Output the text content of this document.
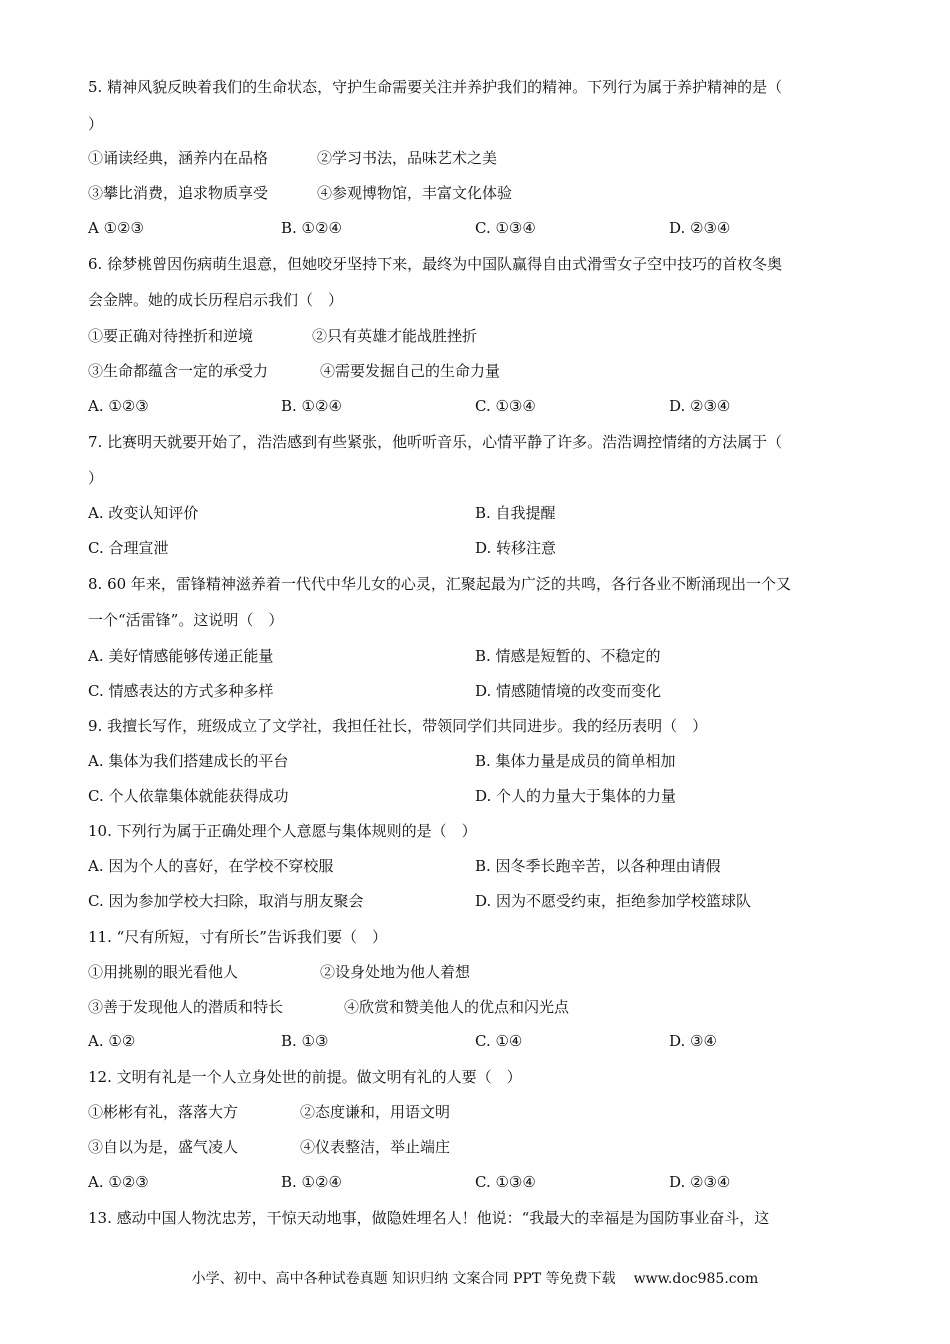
5. 精神风貌反映着我们的生命状态，守护生命需要关注并养护我们的精神。下列行为属于养护精神的是（
）
①诵读经典，涵养内在品格	②学习书法，品味艺术之美
③攀比消费，追求物质享受	④参观博物馆，丰富文化体验
A ①②③	B. ①②④	C. ①③④	D. ②③④
6. 徐梦桃曾因伤病萌生退意，但她咬牙坚持下来，最终为中国队赢得自由式滑雪女子空中技巧的首枚冬奥
会金牌。她的成长历程启示我们（　）
①要正确对待挫折和逆境	②只有英雄才能战胜挫折
③生命都蕴含一定的承受力	④需要发掘自己的生命力量
A. ①②③	B. ①②④	C. ①③④	D. ②③④
7. 比赛明天就要开始了，浩浩感到有些紧张，他听听音乐，心情平静了许多。浩浩调控情绪的方法属于（
）
A. 改变认知评价	B. 自我提醒
C. 合理宣泄	D. 转移注意
8. 60 年来，雷锋精神滋养着一代代中华儿女的心灵，汇聚起最为广泛的共鸣，各行各业不断涌现出一个又
一个“活雷锋”。这说明（　）
A. 美好情感能够传递正能量	B. 情感是短暂的、不稳定的
C. 情感表达的方式多种多样	D. 情感随情境的改变而变化
9. 我擅长写作，班级成立了文学社，我担任社长，带领同学们共同进步。我的经历表明（　）
A. 集体为我们搭建成长的平台	B. 集体力量是成员的简单相加
C. 个人依靠集体就能获得成功	D. 个人的力量大于集体的力量
10. 下列行为属于正确处理个人意愿与集体规则的是（　）
A. 因为个人的喜好，在学校不穿校服	B. 因冬季长跑辛苦，以各种理由请假
C. 因为参加学校大扫除，取消与朋友聚会	D. 因为不愿受约束，拒绝参加学校篮球队
11. “尺有所短，寸有所长”告诉我们要（　）
①用挑剔的眼光看他人	②设身处地为他人着想
③善于发现他人的潜质和特长	④欣赏和赞美他人的优点和闪光点
A. ①②	B. ①③	C. ①④	D. ③④
12. 文明有礼是一个人立身处世的前提。做文明有礼的人要（　）
①彬彬有礼，落落大方	②态度谦和，用语文明
③自以为是，盛气凌人	④仪表整洁，举止端庄
A. ①②③	B. ①②④	C. ①③④	D. ②③④
13. 感动中国人物沈忠芳，干惊天动地事，做隐姓埋名人！他说：“我最大的幸福是为国防事业奋斗，这
小学、初中、高中各种试卷真题 知识归纳 文案合同 PPT 等免费下载 www.doc985.com
